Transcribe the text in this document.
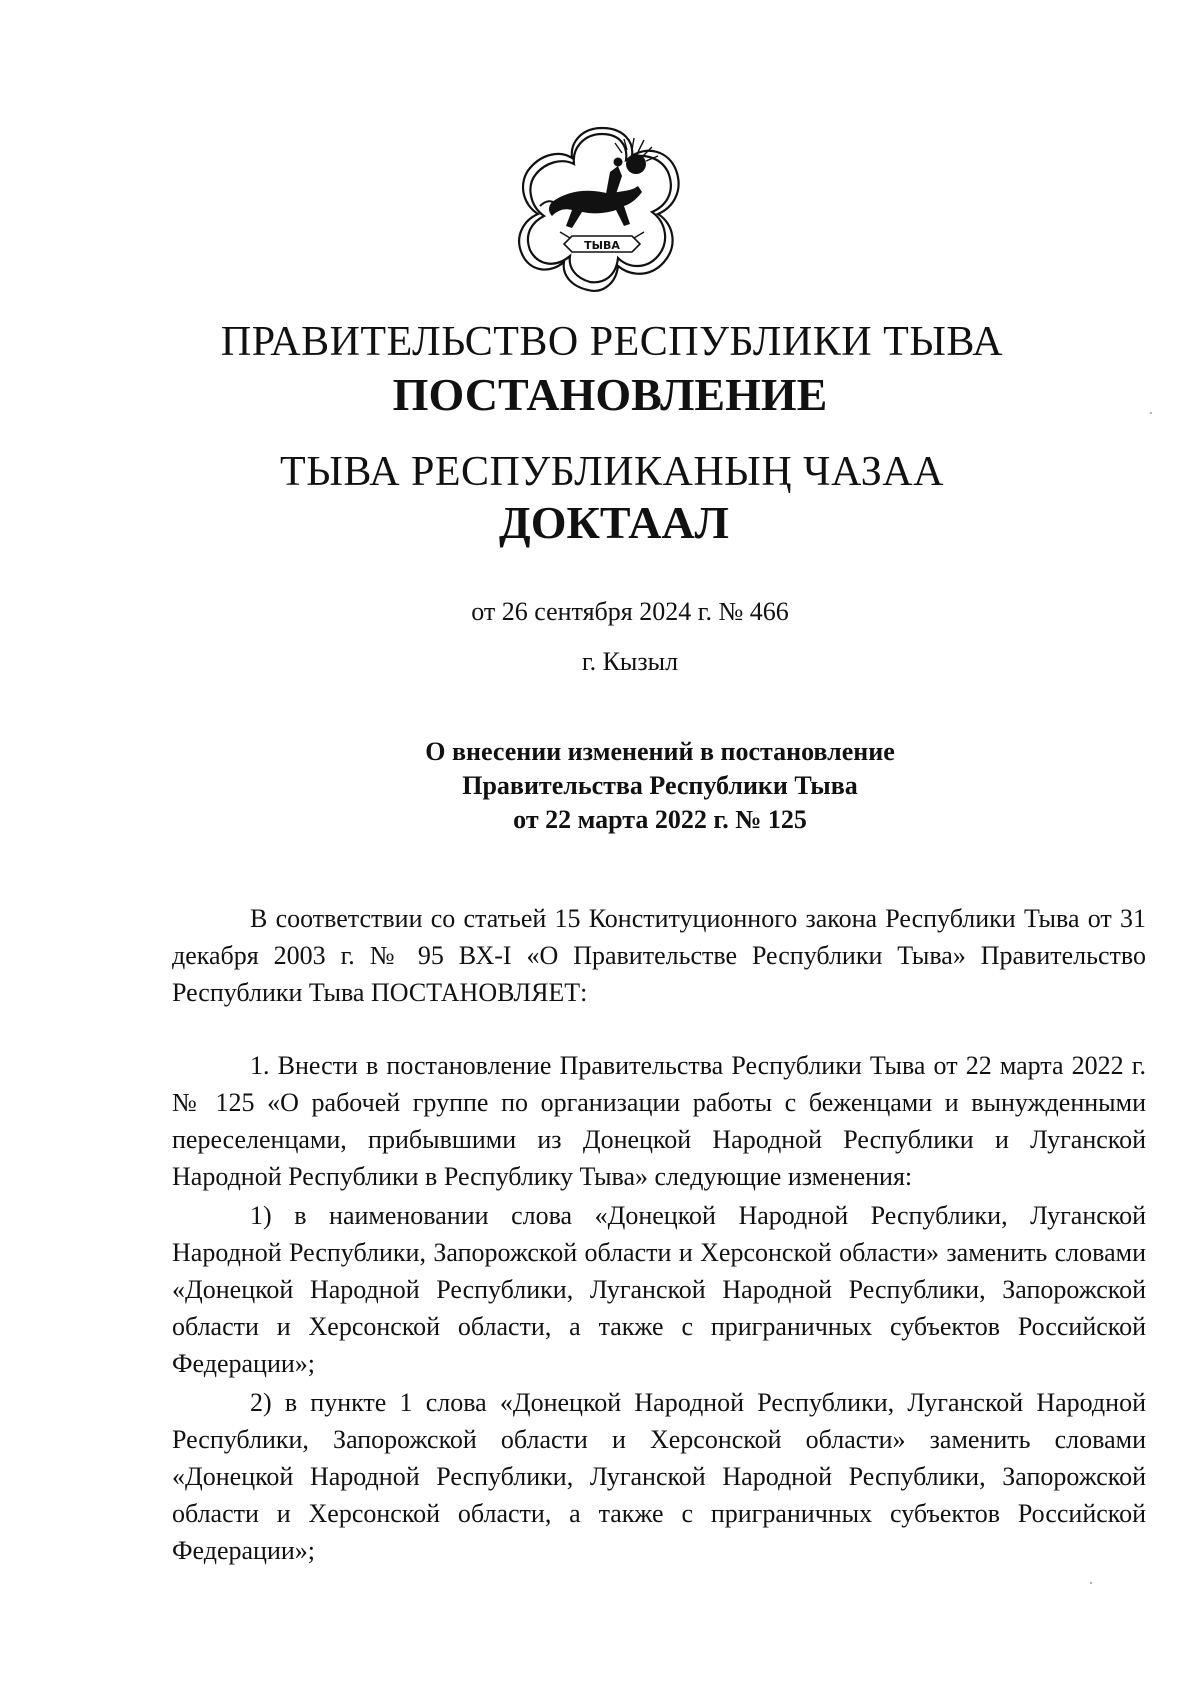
ТЫВА
ПРАВИТЕЛЬСТВО РЕСПУБЛИКИ ТЫВА
ПОСТАНОВЛЕНИЕ
ТЫВА РЕСПУБЛИКАНЫҢ ЧАЗАА
ДОКТААЛ
от 26 сентября 2024 г. № 466
г. Кызыл
О внесении изменений в постановление
Правительства Республики Тыва
от 22 марта 2022 г. № 125

В соответствии со статьей 15 Конституционного закона Республики Тыва от 31 декабря 2003 г. № 95 ВХ-I «О Правительстве Республики Тыва» Правительство Республики Тыва ПОСТАНОВЛЯЕТ:

1. Внести в постановление Правительства Республики Тыва от 22 марта 2022 г. № 125 «О рабочей группе по организации работы с беженцами и вынужденными переселенцами, прибывшими из Донецкой Народной Республики и Луганской Народной Республики в Республику Тыва» следующие изменения:

1) в наименовании слова «Донецкой Народной Республики, Луганской Народной Республики, Запорожской области и Херсонской области» заменить словами «Донецкой Народной Республики, Луганской Народной Республики, Запорожской области и Херсонской области, а также с приграничных субъектов Российской Федерации»;

2) в пункте 1 слова «Донецкой Народной Республики, Луганской Народной Республики, Запорожской области и Херсонской области» заменить словами «Донецкой Народной Республики, Луганской Народной Республики, Запорожской области и Херсонской области, а также с приграничных субъектов Российской Федерации»;
